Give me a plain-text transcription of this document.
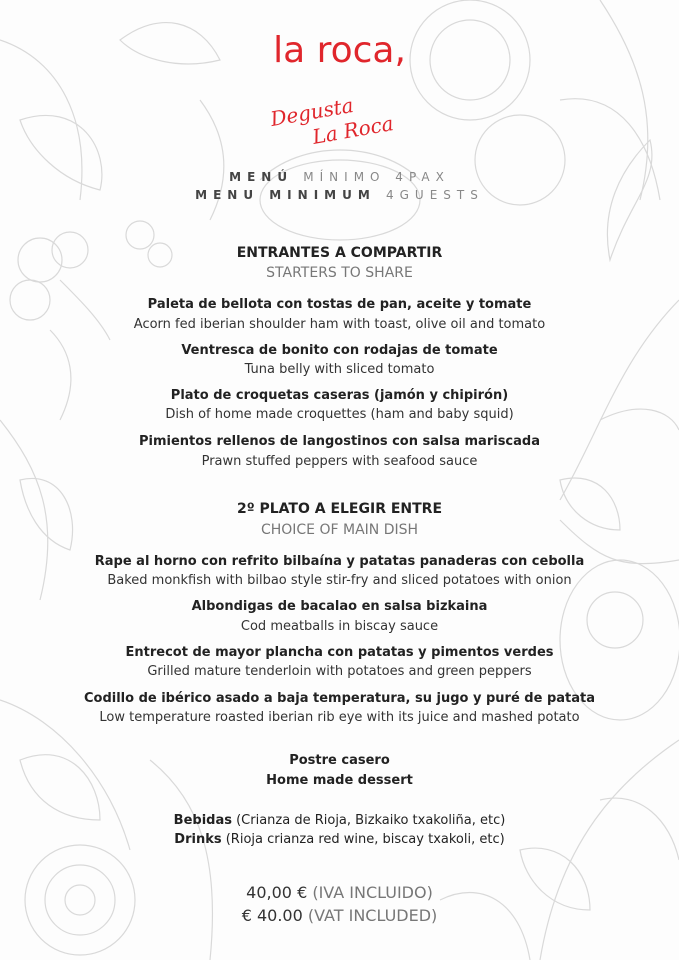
la roca,
Degusta
La Roca
MENÚ MÍNIMO 4PAX
MENU MINIMUM 4GUESTS
ENTRANTES A COMPARTIR
STARTERS TO SHARE
Paleta de bellota con tostas de pan, aceite y tomate
Acorn fed iberian shoulder ham with toast, olive oil and tomato
Ventresca de bonito con rodajas de tomate
Tuna belly with sliced tomato
Plato de croquetas caseras (jamón y chipirón)
Dish of home made croquettes (ham and baby squid)
Pimientos rellenos de langostinos con salsa mariscada
Prawn stuffed peppers with seafood sauce
2º PLATO A ELEGIR ENTRE
CHOICE OF MAIN DISH
Rape al horno con refrito bilbaína y patatas panaderas con cebolla
Baked monkfish with bilbao style stir-fry and sliced potatoes with onion
Albondigas de bacalao en salsa bizkaina
Cod meatballs in biscay sauce
Entrecot de mayor plancha con patatas y pimentos verdes
Grilled mature tenderloin with potatoes and green peppers
Codillo de ibérico asado a baja temperatura, su jugo y puré de patata
Low temperature roasted iberian rib eye with its juice and mashed potato
Postre casero
Home made dessert
Bebidas (Crianza de Rioja, Bizkaiko txakoliña, etc)
Drinks (Rioja crianza red wine, biscay txakoli, etc)
40,00 € (IVA INCLUIDO)
€ 40.00 (VAT INCLUDED)
